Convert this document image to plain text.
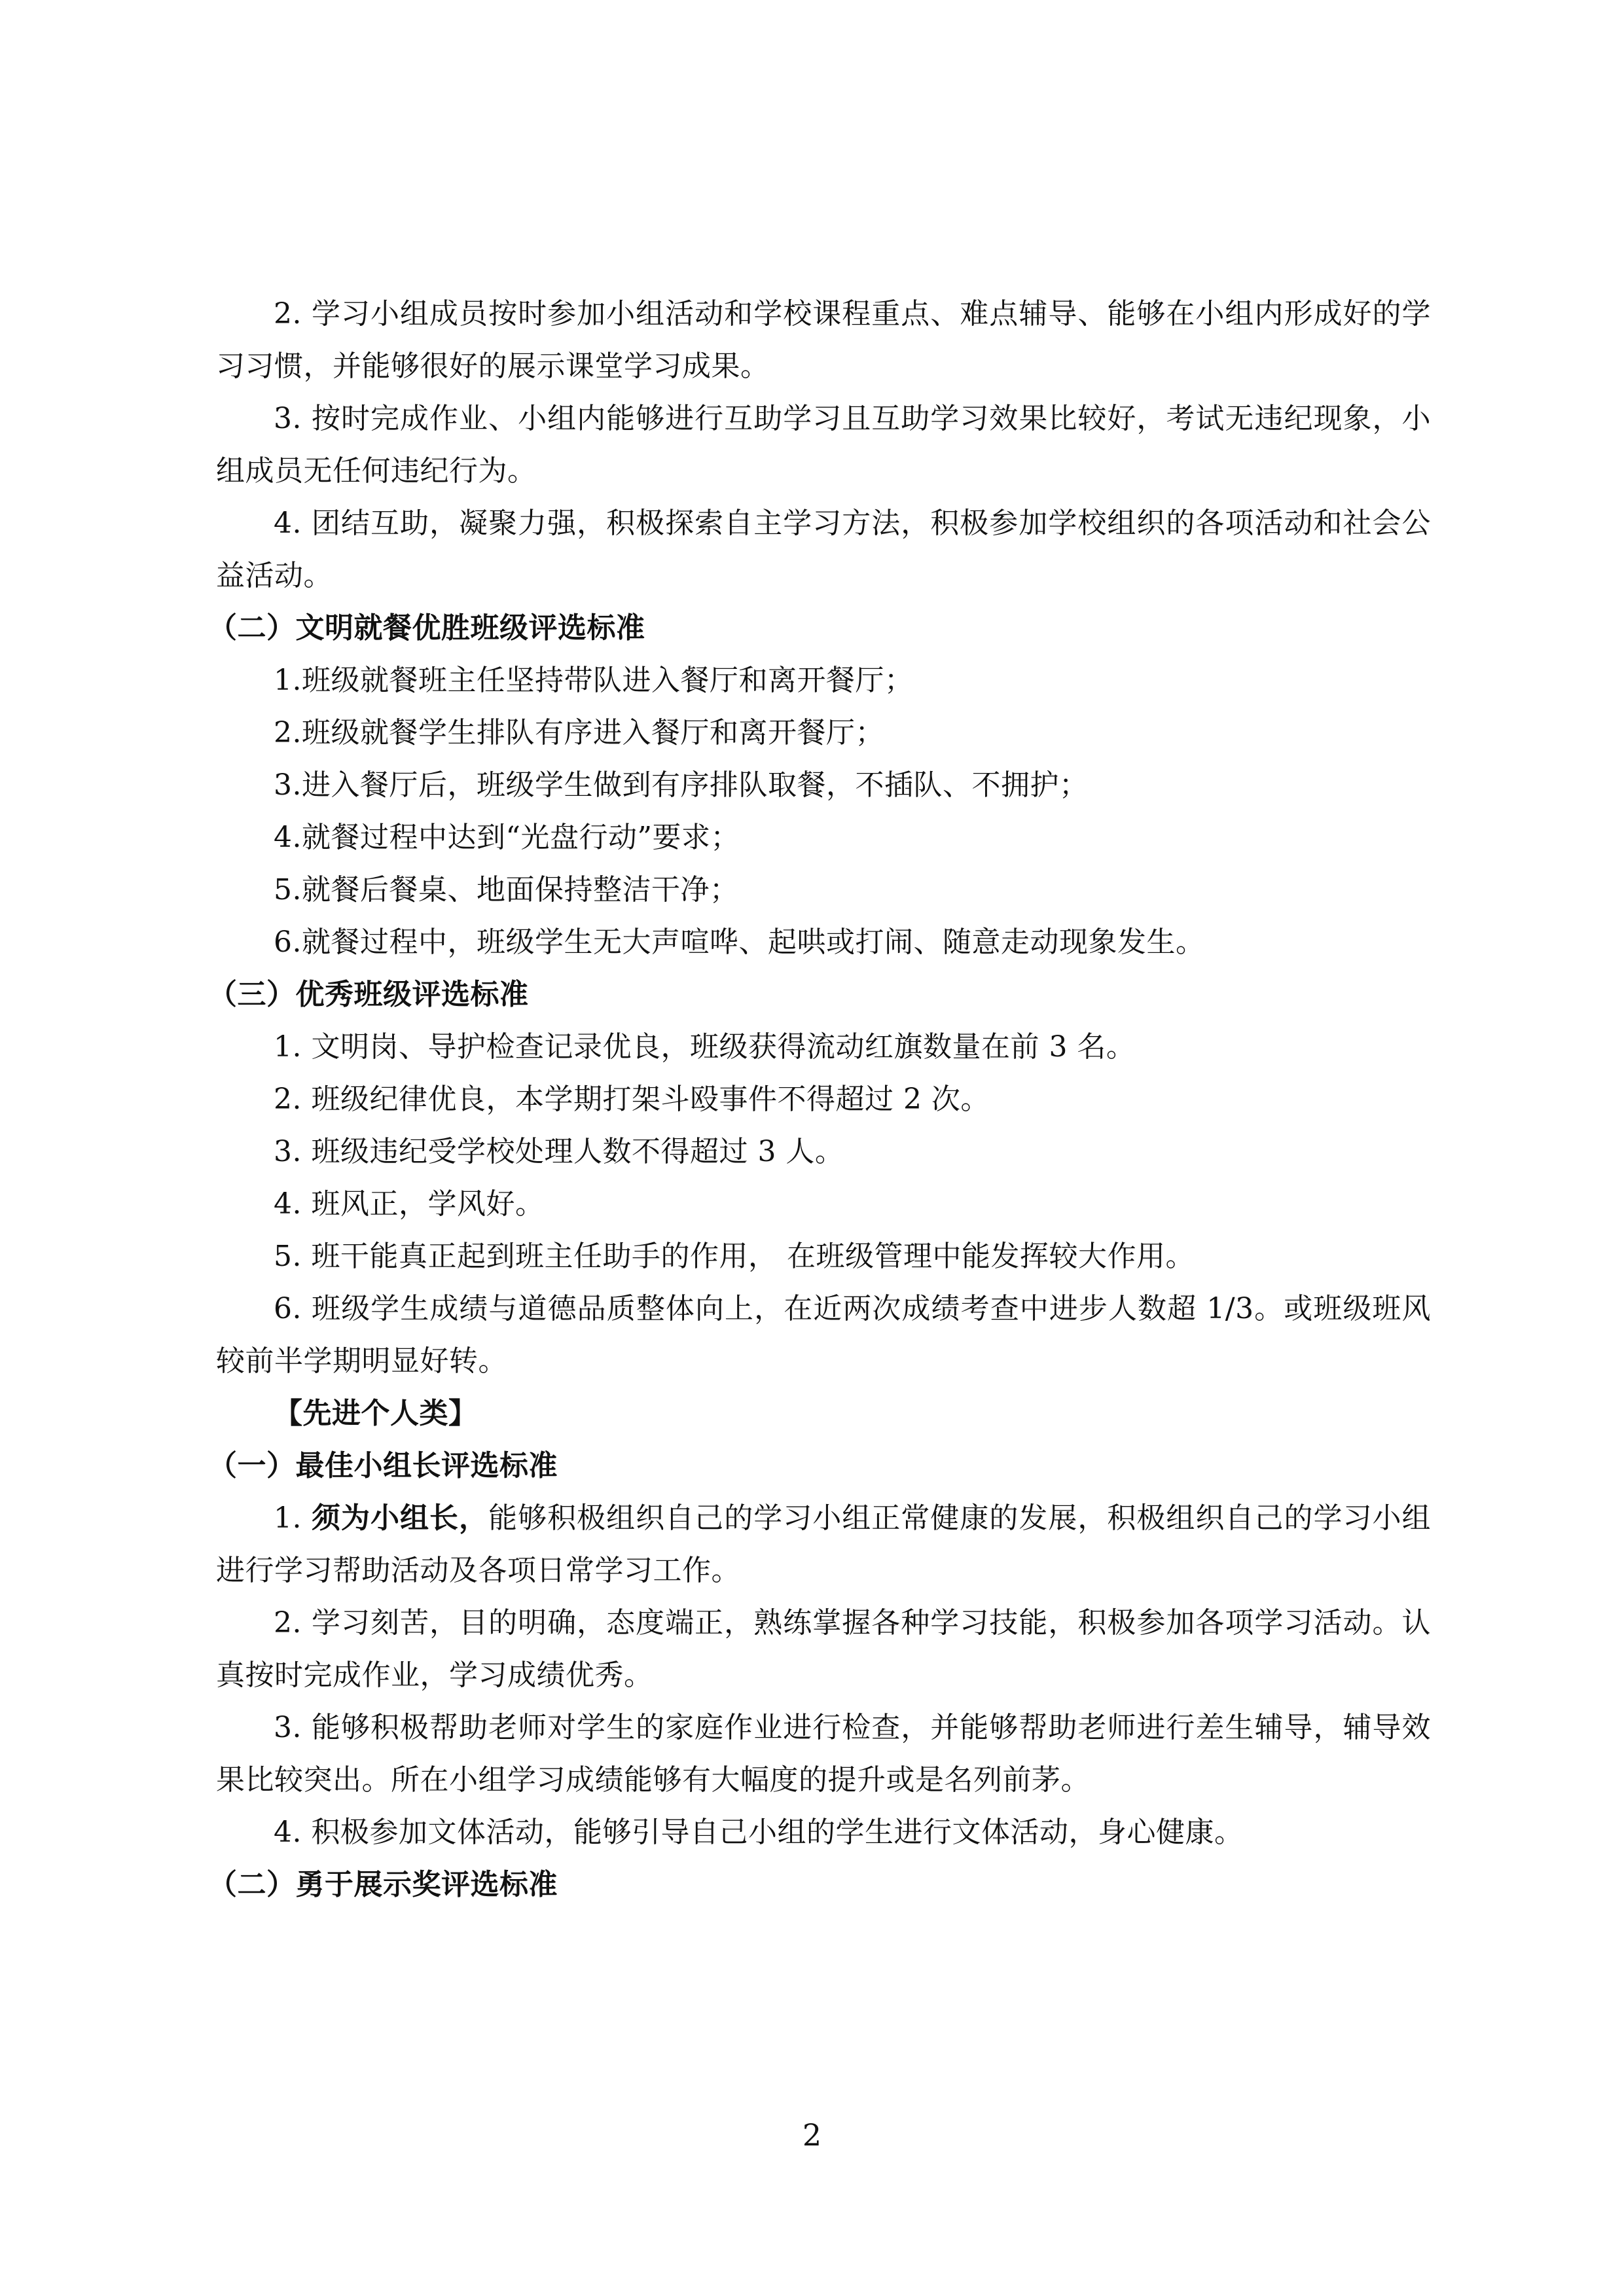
2. 学习小组成员按时参加小组活动和学校课程重点、难点辅导、能够在小组内形成好的学习习惯，并能够很好的展示课堂学习成果。

3. 按时完成作业、小组内能够进行互助学习且互助学习效果比较好，考试无违纪现象，小组成员无任何违纪行为。

4. 团结互助，凝聚力强，积极探索自主学习方法，积极参加学校组织的各项活动和社会公益活动。

（二）文明就餐优胜班级评选标准

1.班级就餐班主任坚持带队进入餐厅和离开餐厅；

2.班级就餐学生排队有序进入餐厅和离开餐厅；

3.进入餐厅后，班级学生做到有序排队取餐，不插队、不拥护；

4.就餐过程中达到“光盘行动”要求；

5.就餐后餐桌、地面保持整洁干净；

6.就餐过程中，班级学生无大声喧哗、起哄或打闹、随意走动现象发生。

（三）优秀班级评选标准

1. 文明岗、导护检查记录优良，班级获得流动红旗数量在前 3 名。

2. 班级纪律优良，本学期打架斗殴事件不得超过 2 次。

3. 班级违纪受学校处理人数不得超过 3 人。

4. 班风正，学风好。

5. 班干能真正起到班主任助手的作用， 在班级管理中能发挥较大作用。

6. 班级学生成绩与道德品质整体向上，在近两次成绩考查中进步人数超 1/3。或班级班风较前半学期明显好转。

【先进个人类】

（一）最佳小组长评选标准

1. 须为小组长，能够积极组织自己的学习小组正常健康的发展，积极组织自己的学习小组进行学习帮助活动及各项日常学习工作。

2. 学习刻苦，目的明确，态度端正，熟练掌握各种学习技能，积极参加各项学习活动。认真按时完成作业，学习成绩优秀。

3. 能够积极帮助老师对学生的家庭作业进行检查，并能够帮助老师进行差生辅导，辅导效果比较突出。所在小组学习成绩能够有大幅度的提升或是名列前茅。

4. 积极参加文体活动，能够引导自己小组的学生进行文体活动，身心健康。

（二）勇于展示奖评选标准

2
